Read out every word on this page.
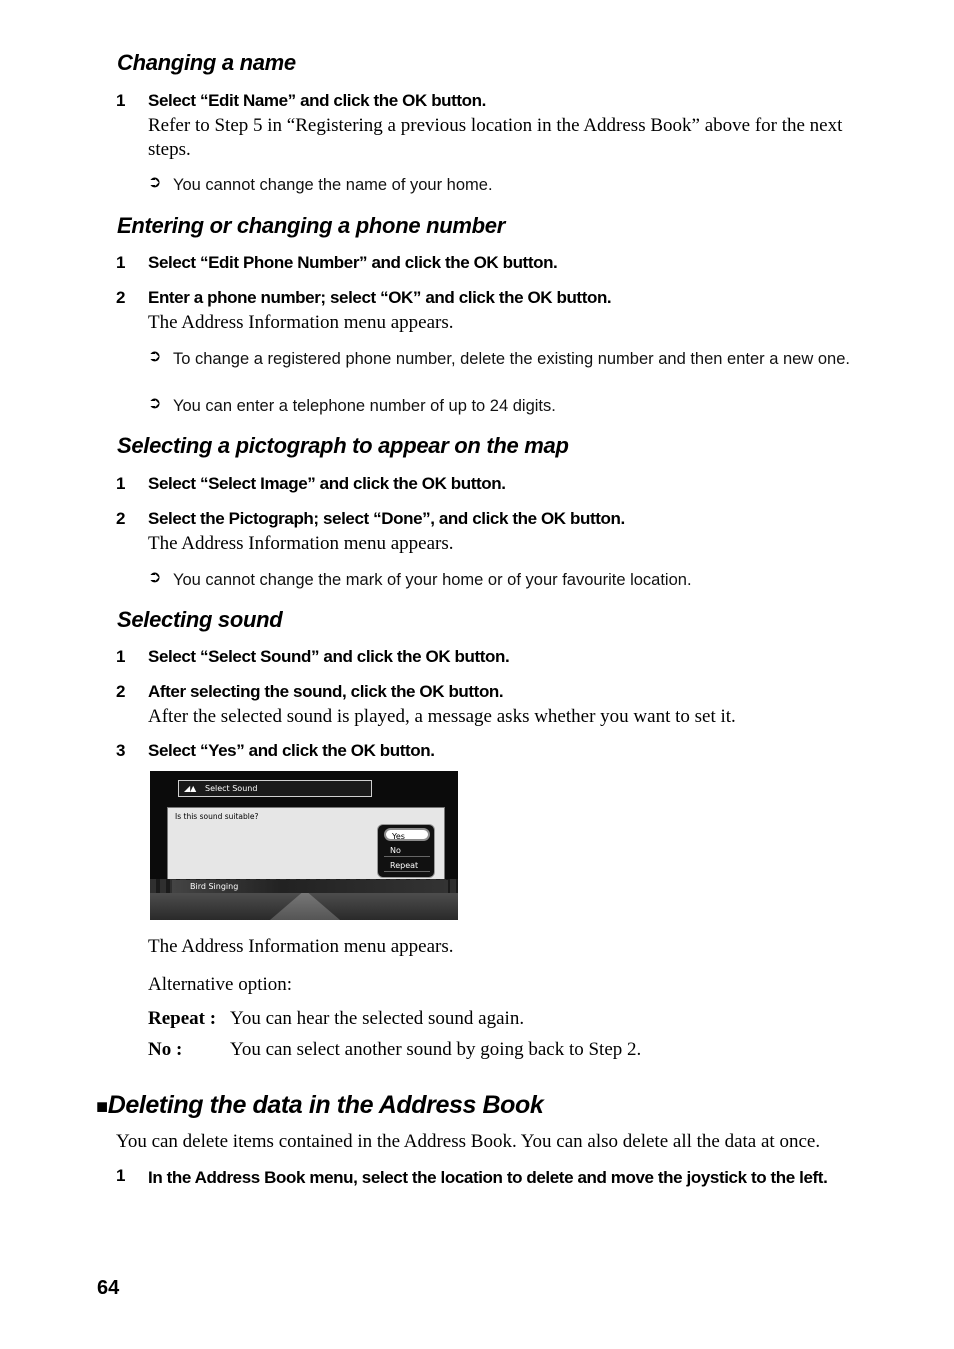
Changing a name
1 Select “Edit Name” and click the OK button.
Refer to Step 5 in “Registering a previous location in the Address Book” above for the next steps.
➲ You cannot change the name of your home.
Entering or changing a phone number
1 Select “Edit Phone Number” and click the OK button.
2 Enter a phone number; select “OK” and click the OK button.
The Address Information menu appears.
➲ To change a registered phone number, delete the existing number and then enter a new one.
➲ You can enter a telephone number of up to 24 digits.
Selecting a pictograph to appear on the map
1 Select “Select Image” and click the OK button.
2 Select the Pictograph; select “Done”, and click the OK button.
The Address Information menu appears.
➲ You cannot change the mark of your home or of your favourite location.
Selecting sound
1 Select “Select Sound” and click the OK button.
2 After selecting the sound, click the OK button.
After the selected sound is played, a message asks whether you want to set it.
3 Select “Yes” and click the OK button.
◢▲ Select Sound
Is this sound suitable?
Bird Singing
Yes
No
Repeat
The Address Information menu appears.
Alternative option:
Repeat : You can hear the selected sound again.
No :	You can select another sound by going back to Step 2.
■Deleting the data in the Address Book
You can delete items contained in the Address Book. You can also delete all the data at once.
1 In the Address Book menu, select the location to delete and move the joystick to the left.
64
